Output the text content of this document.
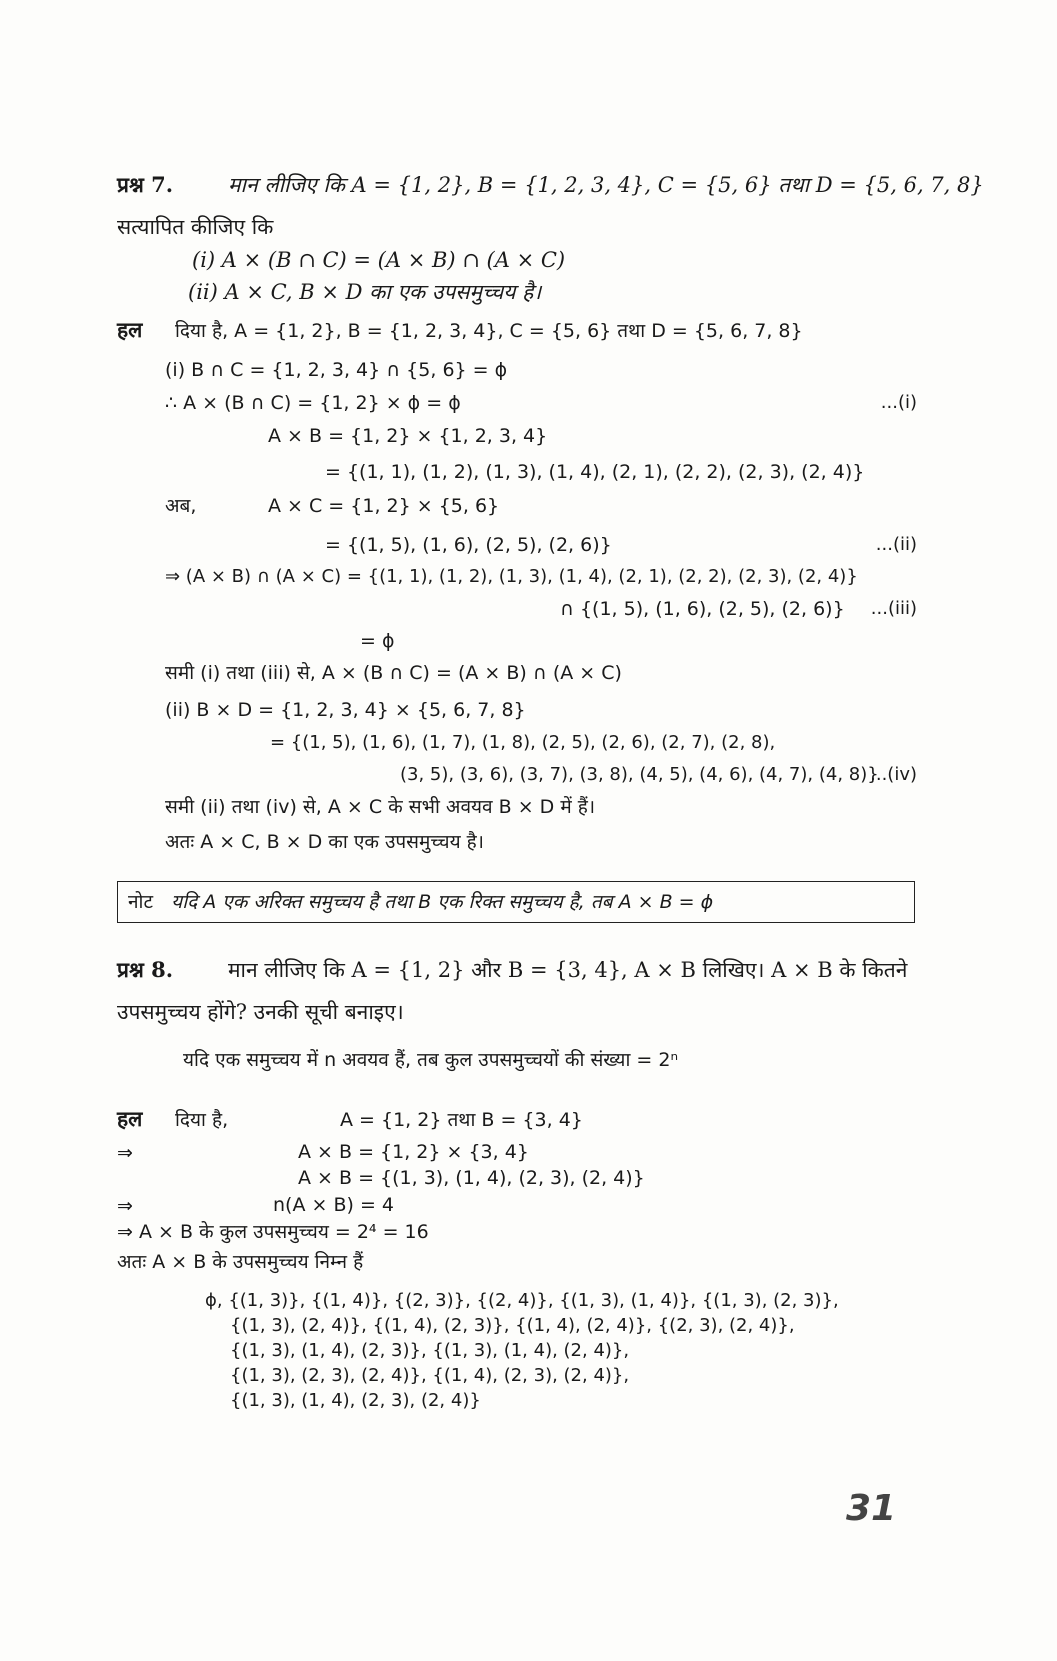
प्रश्न 7.	मान लीजिए कि A = {1, 2}, B = {1, 2, 3, 4}, C = {5, 6} तथा D = {5, 6, 7, 8}
सत्यापित कीजिए कि
(i) A × (B ∩ C) = (A × B) ∩ (A × C)
(ii) A × C, B × D का एक उपसमुच्चय है।
हल दिया है, A = {1, 2}, B = {1, 2, 3, 4}, C = {5, 6} तथा D = {5, 6, 7, 8}
(i) B ∩ C = {1, 2, 3, 4} ∩ {5, 6} = ϕ
∴ A × (B ∩ C) = {1, 2} × ϕ = ϕ	...(i)
A × B = {1, 2} × {1, 2, 3, 4}
= {(1, 1), (1, 2), (1, 3), (1, 4), (2, 1), (2, 2), (2, 3), (2, 4)}
अब,	A × C = {1, 2} × {5, 6}
= {(1, 5), (1, 6), (2, 5), (2, 6)}	...(ii)
⇒ (A × B) ∩ (A × C) = {(1, 1), (1, 2), (1, 3), (1, 4), (2, 1), (2, 2), (2, 3), (2, 4)}
∩ {(1, 5), (1, 6), (2, 5), (2, 6)} ...(iii)
= ϕ
समी (i) तथा (iii) से, A × (B ∩ C) = (A × B) ∩ (A × C)
(ii) B × D = {1, 2, 3, 4} × {5, 6, 7, 8}
= {(1, 5), (1, 6), (1, 7), (1, 8), (2, 5), (2, 6), (2, 7), (2, 8),
(3, 5), (3, 6), (3, 7), (3, 8), (4, 5), (4, 6), (4, 7), (4, 8)}
...(iv)
समी (ii) तथा (iv) से, A × C के सभी अवयव B × D में हैं।
अतः A × C, B × D का एक उपसमुच्चय है।
नोट यदि A एक अरिक्त समुच्चय है तथा B एक रिक्त समुच्चय है, तब A × B = ϕ
प्रश्न 8.	मान लीजिए कि A = {1, 2} और B = {3, 4}, A × B लिखिए। A × B के कितने
उपसमुच्चय होंगे? उनकी सूची बनाइए।
यदि एक समुच्चय में n अवयव हैं, तब कुल उपसमुच्चयों की संख्या = 2ⁿ
हल दिया है,	A = {1, 2} तथा B = {3, 4}
⇒	A × B = {1, 2} × {3, 4}
A × B = {(1, 3), (1, 4), (2, 3), (2, 4)}
⇒	n(A × B) = 4
⇒ A × B के कुल उपसमुच्चय = 2⁴ = 16
अतः A × B के उपसमुच्चय निम्न हैं
ϕ, {(1, 3)}, {(1, 4)}, {(2, 3)}, {(2, 4)}, {(1, 3), (1, 4)}, {(1, 3), (2, 3)},
{(1, 3), (2, 4)}, {(1, 4), (2, 3)}, {(1, 4), (2, 4)}, {(2, 3), (2, 4)},
{(1, 3), (1, 4), (2, 3)}, {(1, 3), (1, 4), (2, 4)},
{(1, 3), (2, 3), (2, 4)}, {(1, 4), (2, 3), (2, 4)},
{(1, 3), (1, 4), (2, 3), (2, 4)}
31
